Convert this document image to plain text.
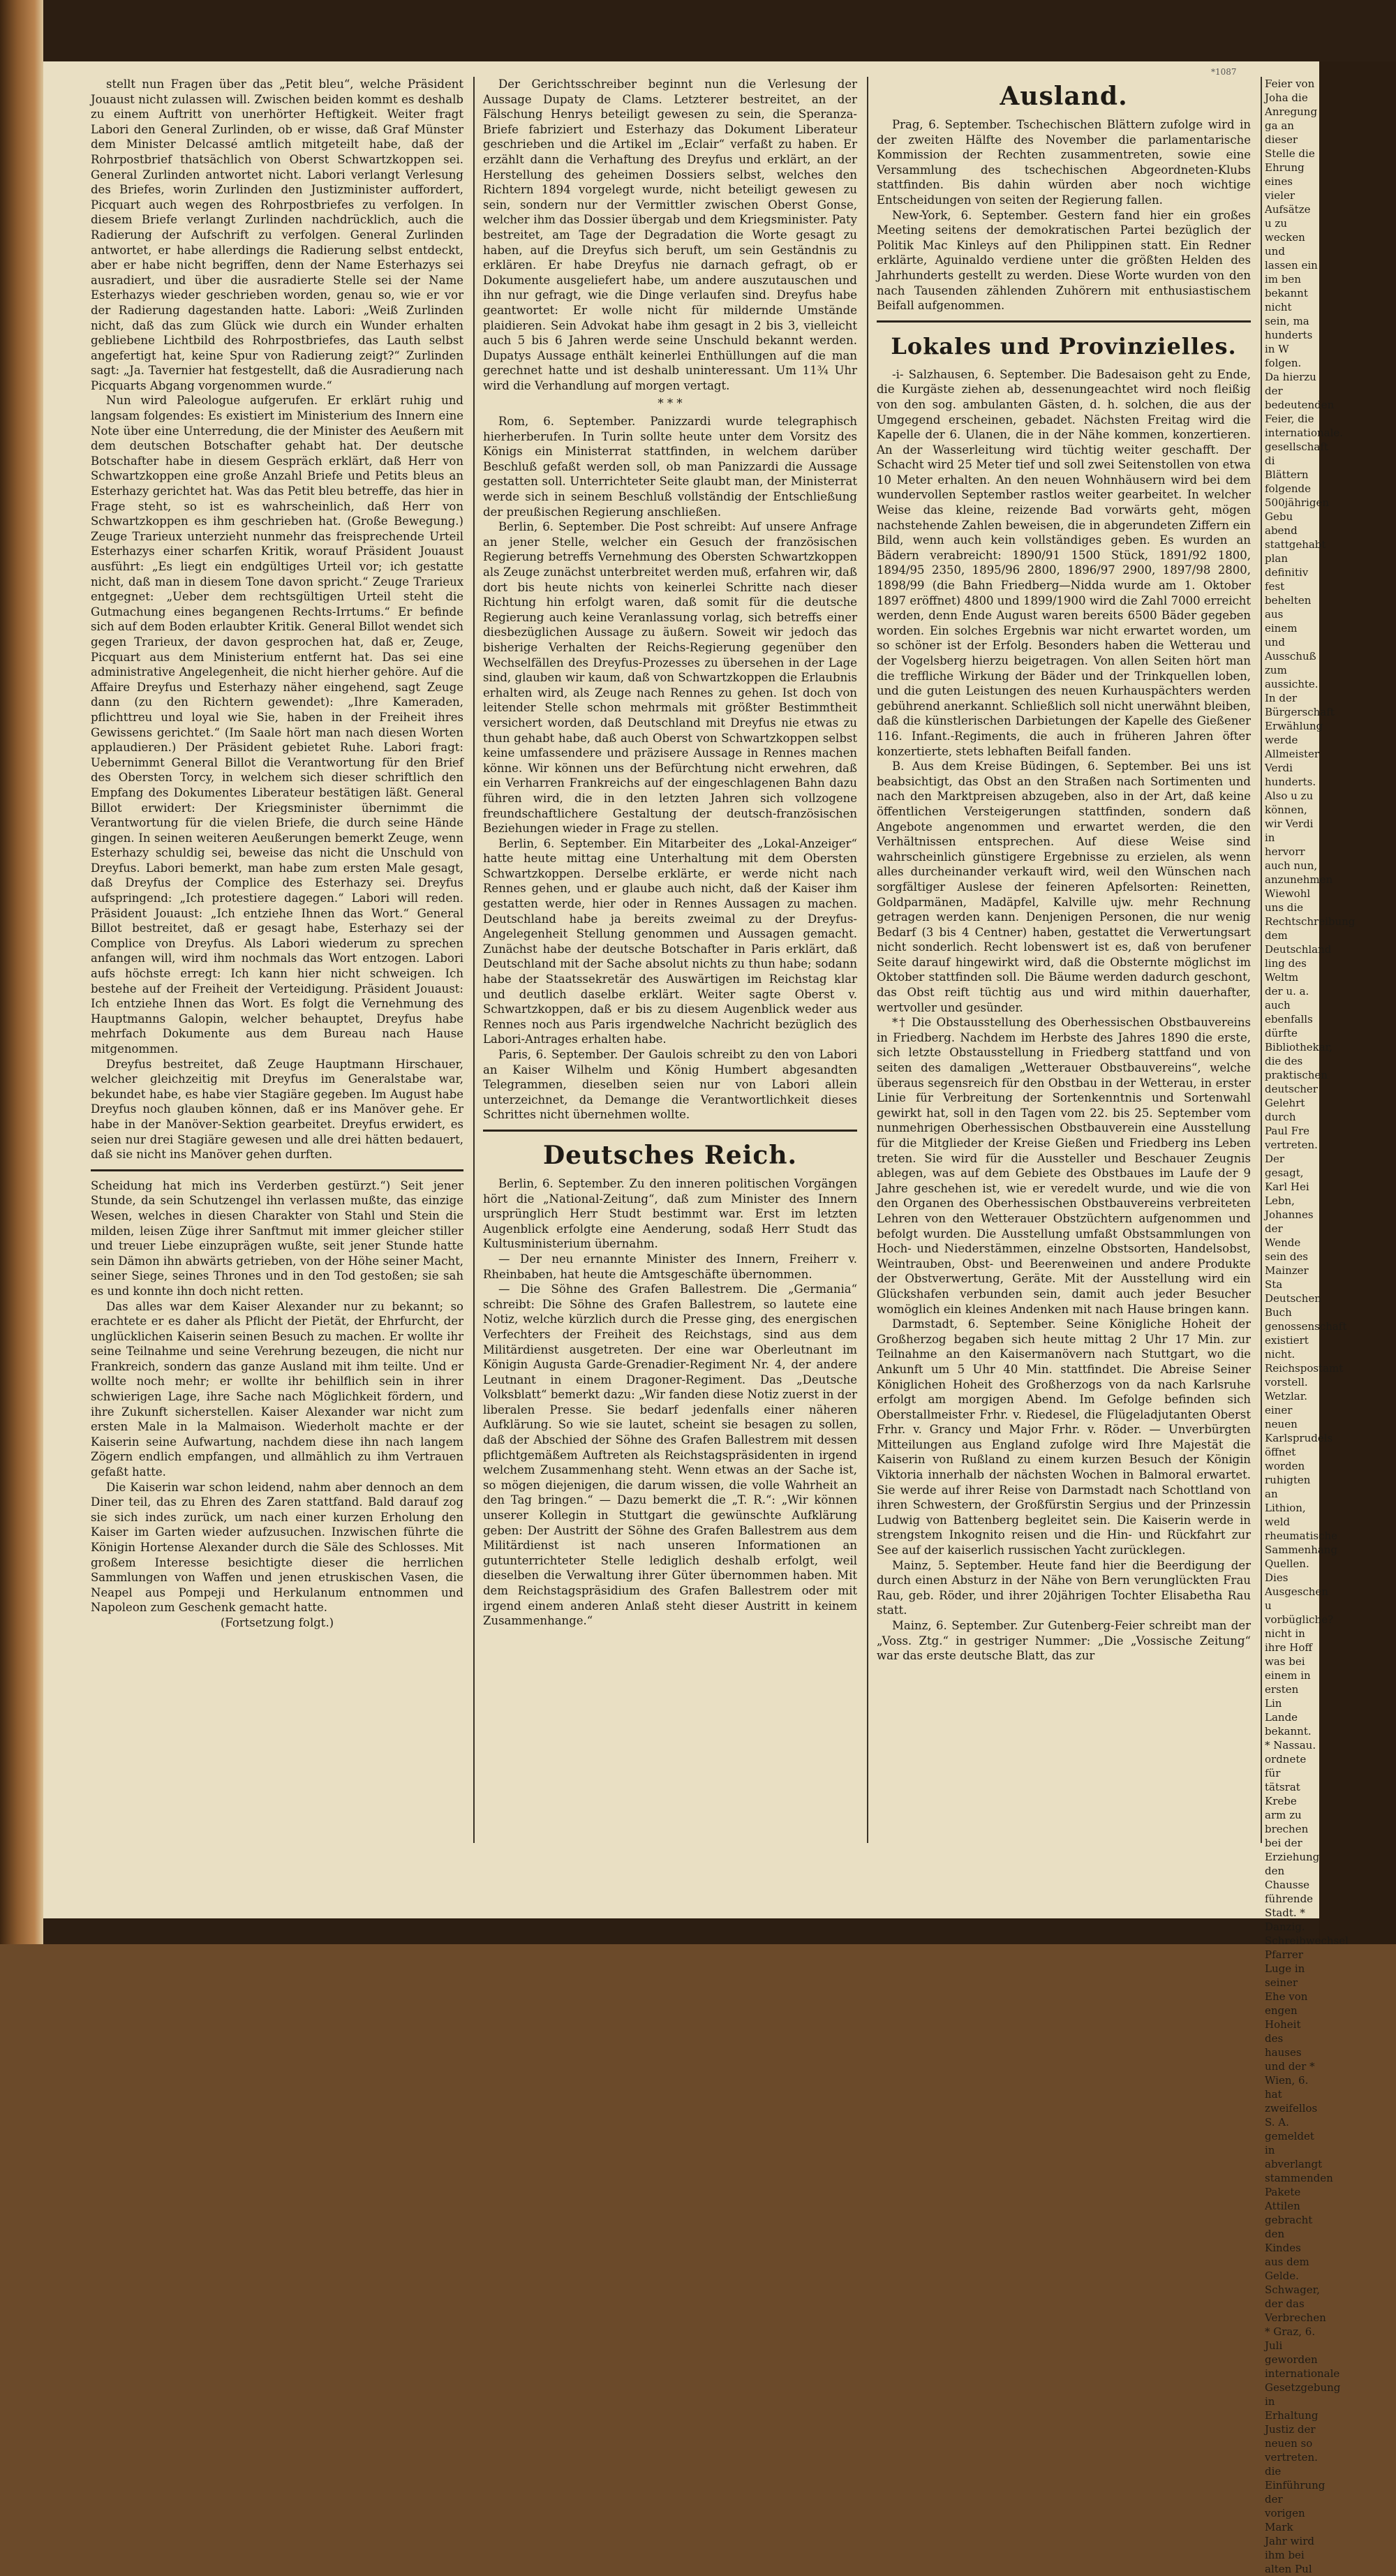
stellt nun Fragen über das „Petit bleu“, welche Präsident Jouaust nicht zulassen will. Zwischen beiden kommt es deshalb zu einem Auftritt von unerhörter Heftigkeit. Weiter fragt Labori den General Zurlinden, ob er wisse, daß Graf Münster dem Minister Delcassé amtlich mitgeteilt habe, daß der Rohrpostbrief thatsächlich von Oberst Schwartzkoppen sei. General Zurlinden antwortet nicht. Labori verlangt Verlesung des Briefes, worin Zurlinden den Justizminister auffordert, Picquart auch wegen des Rohrpostbriefes zu verfolgen. In diesem Briefe verlangt Zurlinden nachdrücklich, auch die Radierung der Aufschrift zu verfolgen. General Zurlinden antwortet, er habe allerdings die Radierung selbst entdeckt, aber er habe nicht begriffen, denn der Name Esterhazys sei ausradiert, und über die ausradierte Stelle sei der Name Esterhazys wieder geschrieben worden, genau so, wie er vor der Radierung dagestanden hatte. Labori: „Weiß Zurlinden nicht, daß das zum Glück wie durch ein Wunder erhalten gebliebene Lichtbild des Rohrpostbriefes, das Lauth selbst angefertigt hat, keine Spur von Radierung zeigt?“ Zurlinden sagt: „Ja. Tavernier hat festgestellt, daß die Ausradierung nach Picquarts Abgang vorgenommen wurde.“

Nun wird Paleologue aufgerufen. Er erklärt ruhig und langsam folgendes: Es existiert im Ministerium des Innern eine Note über eine Unterredung, die der Minister des Aeußern mit dem deutschen Botschafter gehabt hat. Der deutsche Botschafter habe in diesem Gespräch erklärt, daß Herr von Schwartzkoppen eine große Anzahl Briefe und Petits bleus an Esterhazy gerichtet hat. Was das Petit bleu betreffe, das hier in Frage steht, so ist es wahrscheinlich, daß Herr von Schwartzkoppen es ihm geschrieben hat. (Große Bewegung.) Zeuge Trarieux unterzieht nunmehr das freisprechende Urteil Esterhazys einer scharfen Kritik, worauf Präsident Jouaust ausführt: „Es liegt ein endgültiges Urteil vor; ich gestatte nicht, daß man in diesem Tone davon spricht.“ Zeuge Trarieux entgegnet: „Ueber dem rechtsgültigen Urteil steht die Gutmachung eines begangenen Rechts-Irrtums.“ Er befinde sich auf dem Boden erlaubter Kritik. General Billot wendet sich gegen Trarieux, der davon gesprochen hat, daß er, Zeuge, Picquart aus dem Ministerium entfernt hat. Das sei eine administrative Angelegenheit, die nicht hierher gehöre. Auf die Affaire Dreyfus und Esterhazy näher eingehend, sagt Zeuge dann (zu den Richtern gewendet): „Ihre Kameraden, pflichttreu und loyal wie Sie, haben in der Freiheit ihres Gewissens gerichtet.“ (Im Saale hört man nach diesen Worten applaudieren.) Der Präsident gebietet Ruhe. Labori fragt: Uebernimmt General Billot die Verantwortung für den Brief des Obersten Torcy, in welchem sich dieser schriftlich den Empfang des Dokumentes Liberateur bestätigen läßt. General Billot erwidert: Der Kriegsminister übernimmt die Verantwortung für die vielen Briefe, die durch seine Hände gingen. In seinen weiteren Aeußerungen bemerkt Zeuge, wenn Esterhazy schuldig sei, beweise das nicht die Unschuld von Dreyfus. Labori bemerkt, man habe zum ersten Male gesagt, daß Dreyfus der Complice des Esterhazy sei. Dreyfus aufspringend: „Ich protestiere dagegen.“ Labori will reden. Präsident Jouaust: „Ich entziehe Ihnen das Wort.“ General Billot bestreitet, daß er gesagt habe, Esterhazy sei der Complice von Dreyfus. Als Labori wiederum zu sprechen anfangen will, wird ihm nochmals das Wort entzogen. Labori aufs höchste erregt: Ich kann hier nicht schweigen. Ich bestehe auf der Freiheit der Verteidigung. Präsident Jouaust: Ich entziehe Ihnen das Wort. Es folgt die Vernehmung des Hauptmanns Galopin, welcher behauptet, Dreyfus habe mehrfach Dokumente aus dem Bureau nach Hause mitgenommen.

Dreyfus bestreitet, daß Zeuge Hauptmann Hirschauer, welcher gleichzeitig mit Dreyfus im Generalstabe war, bekundet habe, es habe vier Stagiäre gegeben. Im August habe Dreyfus noch glauben können, daß er ins Manöver gehe. Er habe in der Manöver-Sektion gearbeitet. Dreyfus erwidert, es seien nur drei Stagiäre gewesen und alle drei hätten bedauert, daß sie nicht ins Manöver gehen durften.

Scheidung hat mich ins Verderben gestürzt.“) Seit jener Stunde, da sein Schutzengel ihn verlassen mußte, das einzige Wesen, welches in diesen Charakter von Stahl und Stein die milden, leisen Züge ihrer Sanftmut mit immer gleicher stiller und treuer Liebe einzuprägen wußte, seit jener Stunde hatte sein Dämon ihn abwärts getrieben, von der Höhe seiner Macht, seiner Siege, seines Thrones und in den Tod gestoßen; sie sah es und konnte ihn doch nicht retten.

Das alles war dem Kaiser Alexander nur zu bekannt; so erachtete er es daher als Pflicht der Pietät, der Ehrfurcht, der unglücklichen Kaiserin seinen Besuch zu machen. Er wollte ihr seine Teilnahme und seine Verehrung bezeugen, die nicht nur Frankreich, sondern das ganze Ausland mit ihm teilte. Und er wollte noch mehr; er wollte ihr behilflich sein in ihrer schwierigen Lage, ihre Sache nach Möglichkeit fördern, und ihre Zukunft sicherstellen. Kaiser Alexander war nicht zum ersten Male in la Malmaison. Wiederholt machte er der Kaiserin seine Aufwartung, nachdem diese ihn nach langem Zögern endlich empfangen, und allmählich zu ihm Vertrauen gefaßt hatte.

Die Kaiserin war schon leidend, nahm aber dennoch an dem Diner teil, das zu Ehren des Zaren stattfand. Bald darauf zog sie sich indes zurück, um nach einer kurzen Erholung den Kaiser im Garten wieder aufzusuchen. Inzwischen führte die Königin Hortense Alexander durch die Säle des Schlosses. Mit großem Interesse besichtigte dieser die herrlichen Sammlungen von Waffen und jenen etruskischen Vasen, die Neapel aus Pompeji und Herkulanum entnommen und Napoleon zum Geschenk gemacht hatte.

(Fortsetzung folgt.)

Der Gerichtsschreiber beginnt nun die Verlesung der Aussage Dupaty de Clams. Letzterer bestreitet, an der Fälschung Henrys beteiligt gewesen zu sein, die Speranza-Briefe fabriziert und Esterhazy das Dokument Liberateur geschrieben und die Artikel im „Eclair“ verfaßt zu haben. Er erzählt dann die Verhaftung des Dreyfus und erklärt, an der Herstellung des geheimen Dossiers selbst, welches den Richtern 1894 vorgelegt wurde, nicht beteiligt gewesen zu sein, sondern nur der Vermittler zwischen Oberst Gonse, welcher ihm das Dossier übergab und dem Kriegsminister. Paty bestreitet, am Tage der Degradation die Worte gesagt zu haben, auf die Dreyfus sich beruft, um sein Geständnis zu erklären. Er habe Dreyfus nie darnach gefragt, ob er Dokumente ausgeliefert habe, um andere auszutauschen und ihn nur gefragt, wie die Dinge verlaufen sind. Dreyfus habe geantwortet: Er wolle nicht für mildernde Umstände plaidieren. Sein Advokat habe ihm gesagt in 2 bis 3, vielleicht auch 5 bis 6 Jahren werde seine Unschuld bekannt werden. Dupatys Aussage enthält keinerlei Enthüllungen auf die man gerechnet hatte und ist deshalb uninteressant. Um 11¾ Uhr wird die Verhandlung auf morgen vertagt.

* * *

Rom, 6. September. Panizzardi wurde telegraphisch hierherberufen. In Turin sollte heute unter dem Vorsitz des Königs ein Ministerrat stattfinden, in welchem darüber Beschluß gefaßt werden soll, ob man Panizzardi die Aussage gestatten soll. Unterrichteter Seite glaubt man, der Ministerrat werde sich in seinem Beschluß vollständig der Entschließung der preußischen Regierung anschließen.

Berlin, 6. September. Die Post schreibt: Auf unsere Anfrage an jener Stelle, welcher ein Gesuch der französischen Regierung betreffs Vernehmung des Obersten Schwartzkoppen als Zeuge zunächst unterbreitet werden muß, erfahren wir, daß dort bis heute nichts von keinerlei Schritte nach dieser Richtung hin erfolgt waren, daß somit für die deutsche Regierung auch keine Veranlassung vorlag, sich betreffs einer diesbezüglichen Aussage zu äußern. Soweit wir jedoch das bisherige Verhalten der Reichs-Regierung gegenüber den Wechselfällen des Dreyfus-Prozesses zu übersehen in der Lage sind, glauben wir kaum, daß von Schwartzkoppen die Erlaubnis erhalten wird, als Zeuge nach Rennes zu gehen. Ist doch von leitender Stelle schon mehrmals mit größter Bestimmtheit versichert worden, daß Deutschland mit Dreyfus nie etwas zu thun gehabt habe, daß auch Oberst von Schwartzkoppen selbst keine umfassendere und präzisere Aussage in Rennes machen könne. Wir können uns der Befürchtung nicht erwehren, daß ein Verharren Frankreichs auf der eingeschlagenen Bahn dazu führen wird, die in den letzten Jahren sich vollzogene freundschaftlichere Gestaltung der deutsch-französischen Beziehungen wieder in Frage zu stellen.

Berlin, 6. September. Ein Mitarbeiter des „Lokal-Anzeiger“ hatte heute mittag eine Unterhaltung mit dem Obersten Schwartzkoppen. Derselbe erklärte, er werde nicht nach Rennes gehen, und er glaube auch nicht, daß der Kaiser ihm gestatten werde, hier oder in Rennes Aussagen zu machen. Deutschland habe ja bereits zweimal zu der Dreyfus-Angelegenheit Stellung genommen und Aussagen gemacht. Zunächst habe der deutsche Botschafter in Paris erklärt, daß Deutschland mit der Sache absolut nichts zu thun habe; sodann habe der Staatssekretär des Auswärtigen im Reichstag klar und deutlich daselbe erklärt. Weiter sagte Oberst v. Schwartzkoppen, daß er bis zu diesem Augenblick weder aus Rennes noch aus Paris irgendwelche Nachricht bezüglich des Labori-Antrages erhalten habe.

Paris, 6. September. Der Gaulois schreibt zu den von Labori an Kaiser Wilhelm und König Humbert abgesandten Telegrammen, dieselben seien nur von Labori allein unterzeichnet, da Demange die Verantwortlichkeit dieses Schrittes nicht übernehmen wollte.

Deutsches Reich.

Berlin, 6. September. Zu den inneren politischen Vorgängen hört die „National-Zeitung“, daß zum Minister des Innern ursprünglich Herr Studt bestimmt war. Erst im letzten Augenblick erfolgte eine Aenderung, sodaß Herr Studt das Kultusministerium übernahm.

— Der neu ernannte Minister des Innern, Freiherr v. Rheinbaben, hat heute die Amtsgeschäfte übernommen.

— Die Söhne des Grafen Ballestrem. Die „Germania“ schreibt: Die Söhne des Grafen Ballestrem, so lautete eine Notiz, welche kürzlich durch die Presse ging, des energischen Verfechters der Freiheit des Reichstags, sind aus dem Militärdienst ausgetreten. Der eine war Oberleutnant im Königin Augusta Garde-Grenadier-Regiment Nr. 4, der andere Leutnant in einem Dragoner-Regiment. Das „Deutsche Volksblatt“ bemerkt dazu: „Wir fanden diese Notiz zuerst in der liberalen Presse. Sie bedarf jedenfalls einer näheren Aufklärung. So wie sie lautet, scheint sie besagen zu sollen, daß der Abschied der Söhne des Grafen Ballestrem mit dessen pflichtgemäßem Auftreten als Reichstagspräsidenten in irgend welchem Zusammenhang steht. Wenn etwas an der Sache ist, so mögen diejenigen, die darum wissen, die volle Wahrheit an den Tag bringen.“ — Dazu bemerkt die „T. R.“: „Wir können unserer Kollegin in Stuttgart die gewünschte Aufklärung geben: Der Austritt der Söhne des Grafen Ballestrem aus dem Militärdienst ist nach unseren Informationen an gutunterrichteter Stelle lediglich deshalb erfolgt, weil dieselben die Verwaltung ihrer Güter übernommen haben. Mit dem Reichstagspräsidium des Grafen Ballestrem oder mit irgend einem anderen Anlaß steht dieser Austritt in keinem Zusammenhange.“

Ausland.

Prag, 6. September. Tschechischen Blättern zufolge wird in der zweiten Hälfte des November die parlamentarische Kommission der Rechten zusammentreten, sowie eine Versammlung des tschechischen Abgeordneten-Klubs stattfinden. Bis dahin würden aber noch wichtige Entscheidungen von seiten der Regierung fallen.

New-York, 6. September. Gestern fand hier ein großes Meeting seitens der demokratischen Partei bezüglich der Politik Mac Kinleys auf den Philippinen statt. Ein Redner erklärte, Aguinaldo verdiene unter die größten Helden des Jahrhunderts gestellt zu werden. Diese Worte wurden von den nach Tausenden zählenden Zuhörern mit enthusiastischem Beifall aufgenommen.

Lokales und Provinzielles.

-i- Salzhausen, 6. September. Die Badesaison geht zu Ende, die Kurgäste ziehen ab, dessenungeachtet wird noch fleißig von den sog. ambulanten Gästen, d. h. solchen, die aus der Umgegend erscheinen, gebadet. Nächsten Freitag wird die Kapelle der 6. Ulanen, die in der Nähe kommen, konzertieren. An der Wasserleitung wird tüchtig weiter geschafft. Der Schacht wird 25 Meter tief und soll zwei Seitenstollen von etwa 10 Meter erhalten. An den neuen Wohnhäusern wird bei dem wundervollen September rastlos weiter gearbeitet. In welcher Weise das kleine, reizende Bad vorwärts geht, mögen nachstehende Zahlen beweisen, die in abgerundeten Ziffern ein Bild, wenn auch kein vollständiges geben. Es wurden an Bädern verabreicht: 1890/91 1500 Stück, 1891/92 1800, 1894/95 2350, 1895/96 2800, 1896/97 2900, 1897/98 2800, 1898/99 (die Bahn Friedberg—Nidda wurde am 1. Oktober 1897 eröffnet) 4800 und 1899/1900 wird die Zahl 7000 erreicht werden, denn Ende August waren bereits 6500 Bäder gegeben worden. Ein solches Ergebnis war nicht erwartet worden, um so schöner ist der Erfolg. Besonders haben die Wetterau und der Vogelsberg hierzu beigetragen. Von allen Seiten hört man die treffliche Wirkung der Bäder und der Trinkquellen loben, und die guten Leistungen des neuen Kurhauspächters werden gebührend anerkannt. Schließlich soll nicht unerwähnt bleiben, daß die künstlerischen Darbietungen der Kapelle des Gießener 116. Infant.-Regiments, die auch in früheren Jahren öfter konzertierte, stets lebhaften Beifall fanden.

B. Aus dem Kreise Büdingen, 6. September. Bei uns ist beabsichtigt, das Obst an den Straßen nach Sortimenten und nach den Marktpreisen abzugeben, also in der Art, daß keine öffentlichen Versteigerungen stattfinden, sondern daß Angebote angenommen und erwartet werden, die den Verhältnissen entsprechen. Auf diese Weise sind wahrscheinlich günstigere Ergebnisse zu erzielen, als wenn alles durcheinander verkauft wird, weil den Wünschen nach sorgfältiger Auslese der feineren Apfelsorten: Reinetten, Goldparmänen, Madäpfel, Kalville ujw. mehr Rechnung getragen werden kann. Denjenigen Personen, die nur wenig Bedarf (3 bis 4 Centner) haben, gestattet die Verwertungsart nicht sonderlich. Recht lobenswert ist es, daß von berufener Seite darauf hingewirkt wird, daß die Obsternte möglichst im Oktober stattfinden soll. Die Bäume werden dadurch geschont, das Obst reift tüchtig aus und wird mithin dauerhafter, wertvoller und gesünder.

*† Die Obstausstellung des Oberhessischen Obstbauvereins in Friedberg. Nachdem im Herbste des Jahres 1890 die erste, sich letzte Obstausstellung in Friedberg stattfand und von seiten des damaligen „Wetterauer Obstbauvereins“, welche überaus segensreich für den Obstbau in der Wetterau, in erster Linie für Verbreitung der Sortenkenntnis und Sortenwahl gewirkt hat, soll in den Tagen vom 22. bis 25. September vom nunmehrigen Oberhessischen Obstbauverein eine Ausstellung für die Mitglieder der Kreise Gießen und Friedberg ins Leben treten. Sie wird für die Aussteller und Beschauer Zeugnis ablegen, was auf dem Gebiete des Obstbaues im Laufe der 9 Jahre geschehen ist, wie er veredelt wurde, und wie die von den Organen des Oberhessischen Obstbauvereins verbreiteten Lehren von den Wetterauer Obstzüchtern aufgenommen und befolgt wurden. Die Ausstellung umfaßt Obstsammlungen von Hoch- und Niederstämmen, einzelne Obstsorten, Handelsobst, Weintrauben, Obst- und Beerenweinen und andere Produkte der Obstverwertung, Geräte. Mit der Ausstellung wird ein Glückshafen verbunden sein, damit auch jeder Besucher womöglich ein kleines Andenken mit nach Hause bringen kann.

Darmstadt, 6. September. Seine Königliche Hoheit der Großherzog begaben sich heute mittag 2 Uhr 17 Min. zur Teilnahme an den Kaisermanövern nach Stuttgart, wo die Ankunft um 5 Uhr 40 Min. stattfindet. Die Abreise Seiner Königlichen Hoheit des Großherzogs von da nach Karlsruhe erfolgt am morgigen Abend. Im Gefolge befinden sich Oberstallmeister Frhr. v. Riedesel, die Flügeladjutanten Oberst Frhr. v. Grancy und Major Frhr. v. Röder. — Unverbürgten Mitteilungen aus England zufolge wird Ihre Majestät die Kaiserin von Rußland zu einem kurzen Besuch der Königin Viktoria innerhalb der nächsten Wochen in Balmoral erwartet. Sie werde auf ihrer Reise von Darmstadt nach Schottland von ihren Schwestern, der Großfürstin Sergius und der Prinzessin Ludwig von Battenberg begleitet sein. Die Kaiserin werde in strengstem Inkognito reisen und die Hin- und Rückfahrt zur See auf der kaiserlich russischen Yacht zurücklegen.

Mainz, 5. September. Heute fand hier die Beerdigung der durch einen Absturz in der Nähe von Bern verunglückten Frau Rau, geb. Röder, und ihrer 20jährigen Tochter Elisabetha Rau statt.

Mainz, 6. September. Zur Gutenberg-Feier schreibt man der „Voss. Ztg.“ in gestriger Nummer: „Die „Vossische Zeitung“ war das erste deutsche Blatt, das zur

Feier von Joha die Anregung ga an dieser Stelle die Ehrung eines vieler Aufsätze u zu wecken und lassen ein im ben bekannt nicht sein, ma hunderts in W folgen. Da hierzu der bedeutenden Feier, die internationale. gesellschaft di Blättern folgende 500jährigen Gebu abend stattgehabt plan definitiv fest behelten aus einem und Ausschuß zum aussichte. In der Bürgerschaft Erwählung werde Allmeister Verdi hunderts. Also u zu können, wir Verdi in hervorr auch nun, anzunehmen Wiewohl uns die Rechtschreibung dem Deutschland ling des Weltm der u. a. auch ebenfalls dürfte Bibliothekar, die des praktischen deutscher Gelehrt durch Paul Fre vertreten. Der gesagt, Karl Hei Lebn, Johannes der Wende sein des Mainzer Sta Deutschen Buch genossenschaft existiert nicht. Reichspostamt vorstell. Wetzlar. einer neuen Karlsprudels öffnet worden ruhigten an Lithion, weld rheumatische Sammenhang Quellen. Dies Ausgeschen u vorbügliche? nicht in ihre Hoff was bei einem in ersten Lin Lande bekannt. * Nassau. ordnete für tätsrat Krebe arm zu brechen bei der Erziehung den Chausse führende Stadt. * Danzig. Schreibwechsel Pfarrer Luge in seiner Ehe von engen Hoheit des hauses und der * Wien, 6. hat zweifellos S. A. gemeldet in abverlangt stammenden Pakete Attilen gebracht den Kindes aus dem Gelde. Schwager, der das Verbrechen * Graz, 6. Juli geworden internationale Gesetzgebung in Erhaltung Justiz der neuen so vertreten. die Einführung der vorigen Mark Jahr wird ihm bei alten Pul
*1087
